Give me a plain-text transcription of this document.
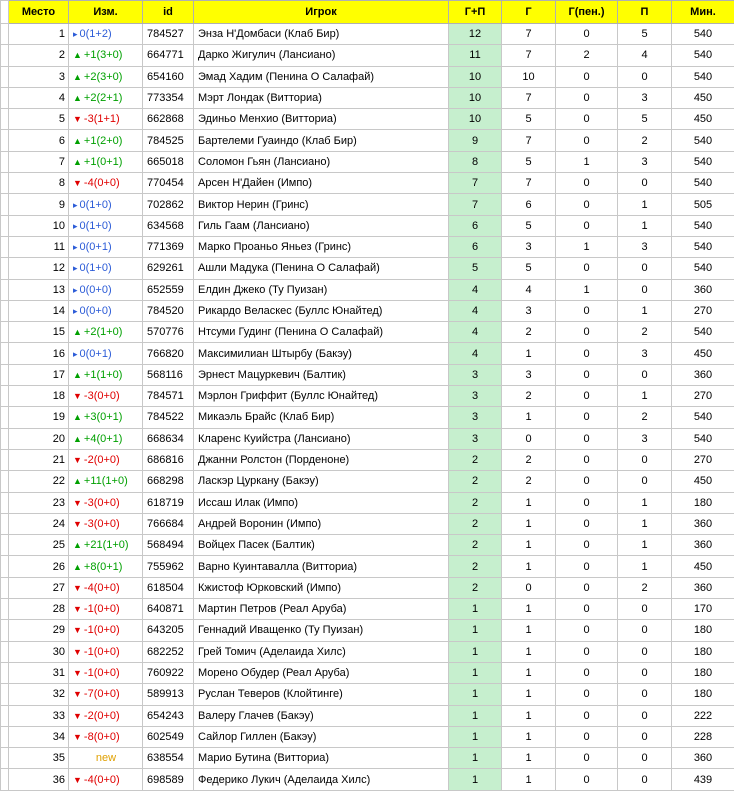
	Место	Изм.	id	Игрок	Г+П	Г	Г(пен.)	П	Мин.
	1	▸ 0(1+2)	784527	Энза Н'Домбаси (Клаб Бир)	12	7	0	5	540
	2	▲ +1(3+0)	664771	Дарко Жигулич (Лансиано)	11	7	2	4	540
	3	▲ +2(3+0)	654160	Эмад Хадим (Пенина О Салафай)	10	10	0	0	540
	4	▲ +2(2+1)	773354	Мэрт Лондак (Витториа)	10	7	0	3	450
	5	▼ -3(1+1)	662868	Эдиньо Менхио (Витториа)	10	5	0	5	450
	6	▲ +1(2+0)	784525	Бартелеми Гуаиндо (Клаб Бир)	9	7	0	2	540
	7	▲ +1(0+1)	665018	Соломон Гьян (Лансиано)	8	5	1	3	540
	8	▼ -4(0+0)	770454	Арсен Н'Дайен (Импо)	7	7	0	0	540
	9	▸ 0(1+0)	702862	Виктор Нерин (Гринс)	7	6	0	1	505
	10	▸ 0(1+0)	634568	Гиль Гаам (Лансиано)	6	5	0	1	540
	11	▸ 0(0+1)	771369	Марко Проаньо Яньез (Гринс)	6	3	1	3	540
	12	▸ 0(1+0)	629261	Ашли Мадука (Пенина О Салафай)	5	5	0	0	540
	13	▸ 0(0+0)	652559	Елдин Джеко (Ту Пуизан)	4	4	1	0	360
	14	▸ 0(0+0)	784520	Рикардо Веласкес (Буллс Юнайтед)	4	3	0	1	270
	15	▲ +2(1+0)	570776	Нтсуми Гудинг (Пенина О Салафай)	4	2	0	2	540
	16	▸ 0(0+1)	766820	Максимилиан Штырбу (Бакэу)	4	1	0	3	450
	17	▲ +1(1+0)	568116	Эрнест Мацуркевич (Балтик)	3	3	0	0	360
	18	▼ -3(0+0)	784571	Мэрлон Гриффит (Буллс Юнайтед)	3	2	0	1	270
	19	▲ +3(0+1)	784522	Микаэль Брайс (Клаб Бир)	3	1	0	2	540
	20	▲ +4(0+1)	668634	Кларенс Куийстра (Лансиано)	3	0	0	3	540
	21	▼ -2(0+0)	686816	Джанни Ролстон (Порденоне)	2	2	0	0	270
	22	▲ +11(1+0)	668298	Ласкэр Цуркану (Бакэу)	2	2	0	0	450
	23	▼ -3(0+0)	618719	Иссаш Илак (Импо)	2	1	0	1	180
	24	▼ -3(0+0)	766684	Андрей Воронин (Импо)	2	1	0	1	360
	25	▲ +21(1+0)	568494	Войцех Пасек (Балтик)	2	1	0	1	360
	26	▲ +8(0+1)	755962	Варно Куинтавалла (Витториа)	2	1	0	1	450
	27	▼ -4(0+0)	618504	Кжистоф Юрковский (Импо)	2	0	0	2	360
	28	▼ -1(0+0)	640871	Мартин Петров (Реал Аруба)	1	1	0	0	170
	29	▼ -1(0+0)	643205	Геннадий Иващенко (Ту Пуизан)	1	1	0	0	180
	30	▼ -1(0+0)	682252	Грей Томич (Аделаида Хилс)	1	1	0	0	180
	31	▼ -1(0+0)	760922	Морено Обудер (Реал Аруба)	1	1	0	0	180
	32	▼ -7(0+0)	589913	Руслан Теверов (Клойтинге)	1	1	0	0	180
	33	▼ -2(0+0)	654243	Валеру Глачев (Бакэу)	1	1	0	0	222
	34	▼ -8(0+0)	602549	Сайлор Гиллен (Бакэу)	1	1	0	0	228
	35	new	638554	Марио Бутина (Витториа)	1	1	0	0	360
	36	▼ -4(0+0)	698589	Федерико Лукич (Аделаида Хилс)	1	1	0	0	439
